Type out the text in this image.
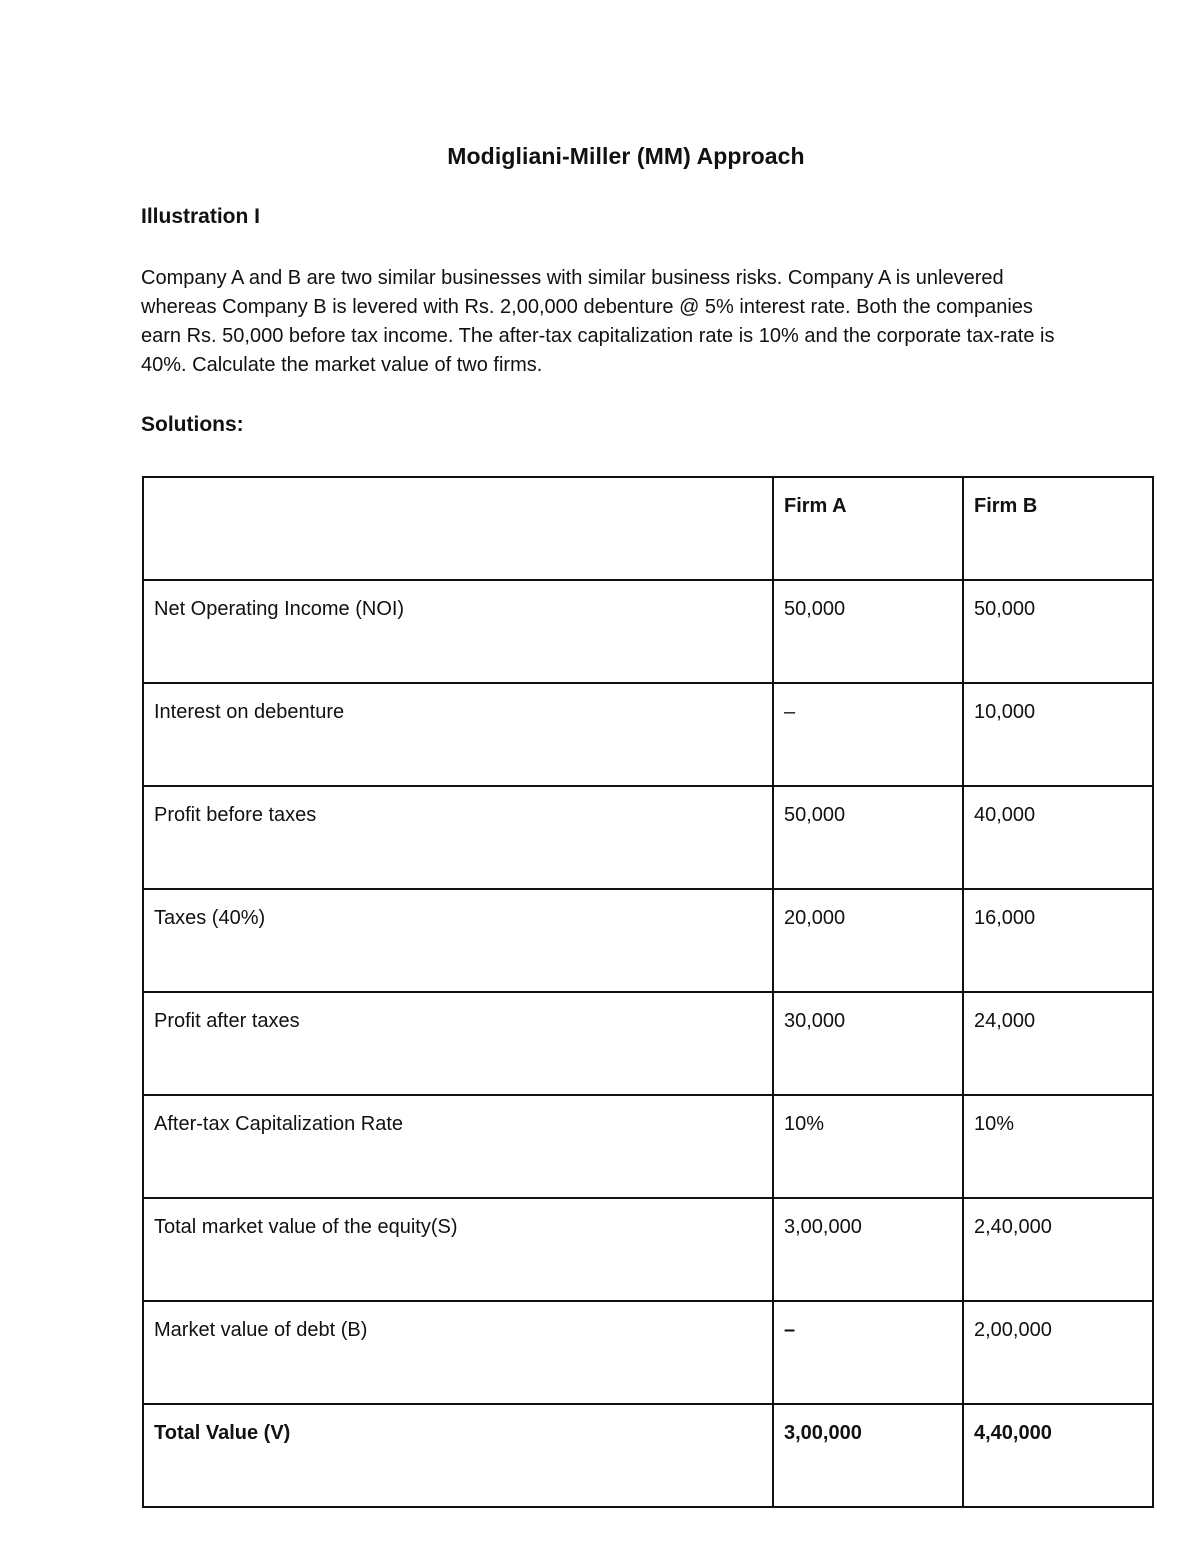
Modigliani-Miller (MM) Approach
Illustration I
Company A and B are two similar businesses with similar business risks. Company A is unlevered whereas Company B is levered with Rs. 2,00,000 debenture @ 5% interest rate. Both the companies earn Rs. 50,000 before tax income. The after-tax capitalization rate is 10% and the corporate tax-rate is 40%. Calculate the market value of two firms.
Solutions:
	Firm A	Firm B
Net Operating Income (NOI)	50,000	50,000
Interest on debenture	–	10,000
Profit before taxes	50,000	40,000
Taxes (40%)	20,000	16,000
Profit after taxes	30,000	24,000
After-tax Capitalization Rate	10%	10%
Total market value of the equity(S)	3,00,000	2,40,000
Market value of debt (B)	–	2,00,000
Total Value (V)	3,00,000	4,40,000
